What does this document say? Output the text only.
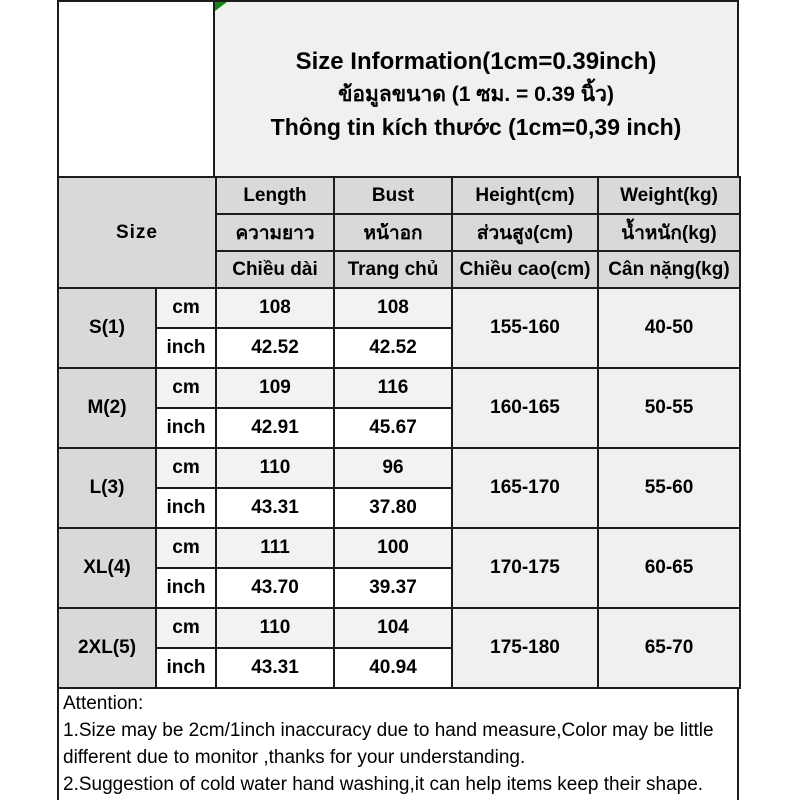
Size Information(1cm=0.39inch)
ข้อมูลขนาด (1 ซม. = 0.39 นิ้ว)
Thông tin kích thước (1cm=0,39 inch)
Size		Length	Bust	Height(cm)	Weight(kg)
		ความยาว	หน้าอก	ส่วนสูง(cm)	น้ำหนัก(kg)
		Chiều dài	Trang chủ	Chiều cao(cm)	Cân nặng(kg)
S(1)	cm	108	108	155-160	40-50
	inch	42.52	42.52		
M(2)	cm	109	116	160-165	50-55
	inch	42.91	45.67		
L(3)	cm	110	96	165-170	55-60
	inch	43.31	37.80		
XL(4)	cm	111	100	170-175	60-65
	inch	43.70	39.37		
2XL(5)	cm	110	104	175-180	65-70
	inch	43.31	40.94		
Attention:
1.Size may be 2cm/1inch inaccuracy due to hand measure,Color may be little different due to monitor ,thanks for your understanding.
2.Suggestion of cold water hand washing,it can help items keep their shape.
